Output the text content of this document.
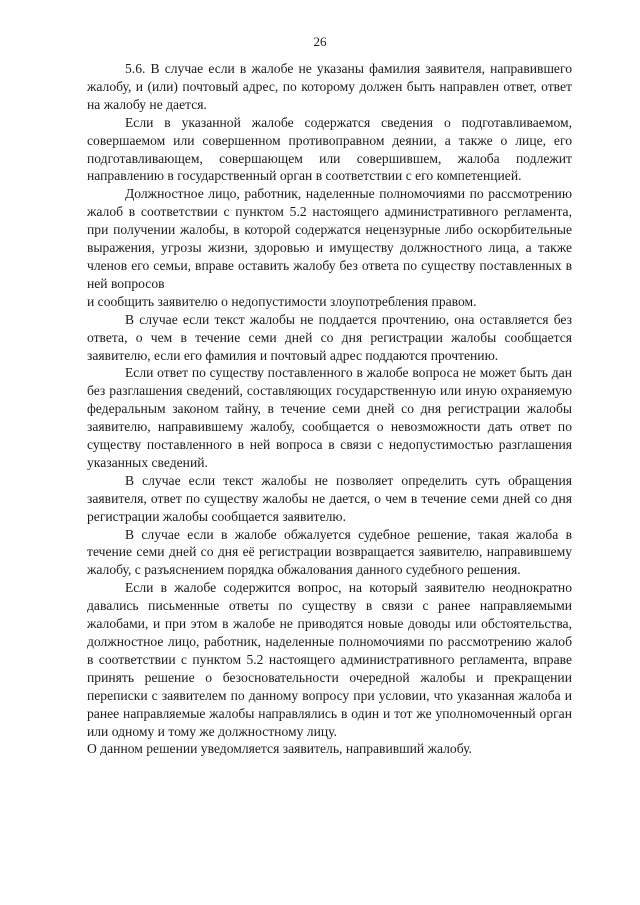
26

5.6. В случае если в жалобе не указаны фамилия заявителя, направившего жалобу, и (или) почтовый адрес, по которому должен быть направлен ответ, ответ на жалобу не дается.

Если в указанной жалобе содержатся сведения о подготавливаемом, совершаемом или совершенном противоправном деянии, а также о лице, его подготавливающем, совершающем или совершившем, жалоба подлежит направлению в государственный орган в соответствии с его компетенцией.

Должностное лицо, работник, наделенные полномочиями по рассмотрению жалоб в соответствии с пунктом 5.2 настоящего административного регламента, при получении жалобы, в которой содержатся нецензурные либо оскорбительные выражения, угрозы жизни, здоровью и имуществу должностного лица, а также членов его семьи, вправе оставить жалобу без ответа по существу поставленных в ней вопросов

и сообщить заявителю о недопустимости злоупотребления правом.

В случае если текст жалобы не поддается прочтению, она оставляется без ответа, о чем в течение семи дней со дня регистрации жалобы сообщается заявителю, если его фамилия и почтовый адрес поддаются прочтению.

Если ответ по существу поставленного в жалобе вопроса не может быть дан без разглашения сведений, составляющих государственную или иную охраняемую федеральным законом тайну, в течение семи дней со дня регистрации жалобы заявителю, направившему жалобу, сообщается о невозможности дать ответ по существу поставленного в ней вопроса в связи с недопустимостью разглашения указанных сведений.

В случае если текст жалобы не позволяет определить суть обращения заявителя, ответ по существу жалобы не дается, о чем в течение семи дней со дня регистрации жалобы сообщается заявителю.

В случае если в жалобе обжалуется судебное решение, такая жалоба в течение семи дней со дня её регистрации возвращается заявителю, направившему жалобу, с разъяснением порядка обжалования данного судебного решения.

Если в жалобе содержится вопрос, на который заявителю неоднократно давались письменные ответы по существу в связи с ранее направляемыми жалобами, и при этом в жалобе не приводятся новые доводы или обстоятельства, должностное лицо, работник, наделенные полномочиями по рассмотрению жалоб в соответствии с пунктом 5.2 настоящего административного регламента, вправе принять решение о безосновательности очередной жалобы и прекращении переписки с заявителем по данному вопросу при условии, что указанная жалоба и ранее направляемые жалобы направлялись в один и тот же уполномоченный орган или одному и тому же должностному лицу.

О данном решении уведомляется заявитель, направивший жалобу.
